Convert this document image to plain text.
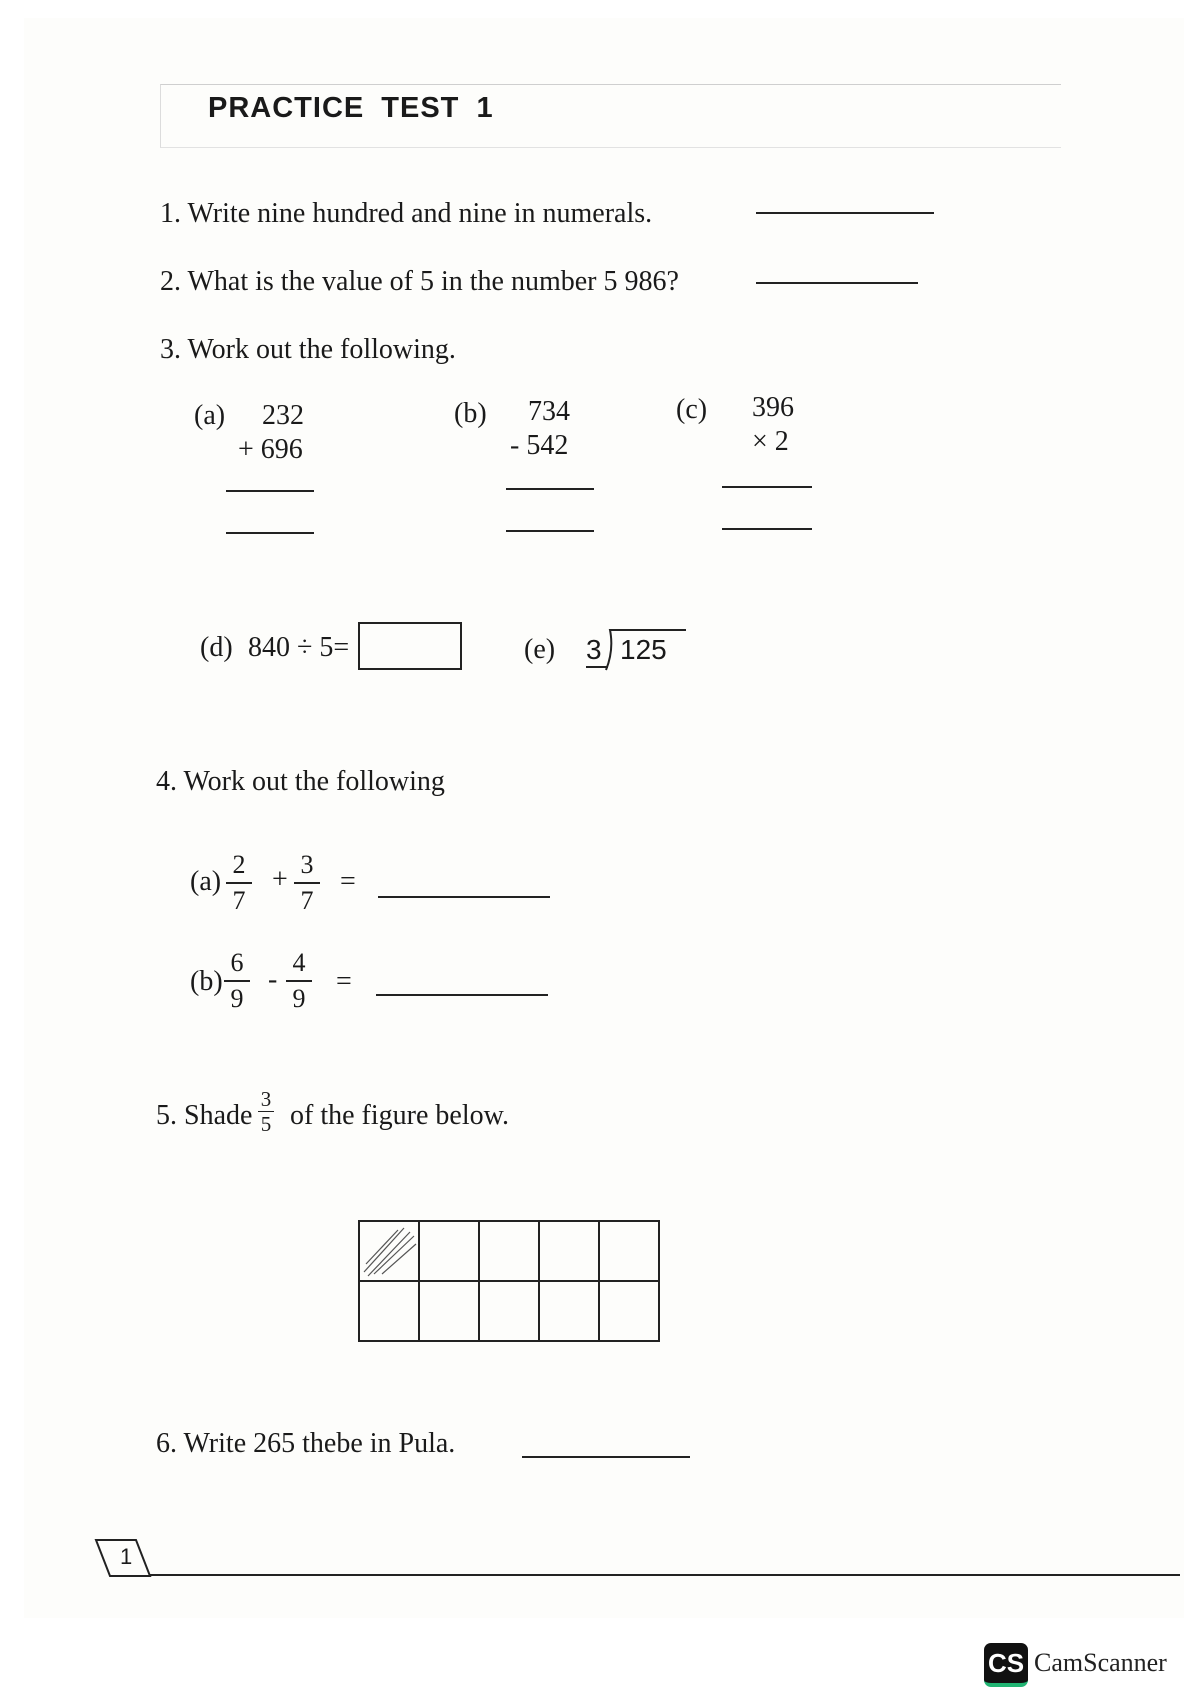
PRACTICE TEST 1
1. Write nine hundred and nine in numerals.
2. What is the value of 5 in the number 5 986?
3. Work out the following.
(a) 232
+ 696
(b) 734
- 542
(c) 396
× 2
(d) 840 ÷ 5=	(e) 3 125
4. Work out the following
(a)
2
7
+ 3
7
=
(b)
6
9
-
4
9
=
5. Shade
3
5 of the figure below.

6. Write 265 thebe in Pula.
1
CS CamScanner
